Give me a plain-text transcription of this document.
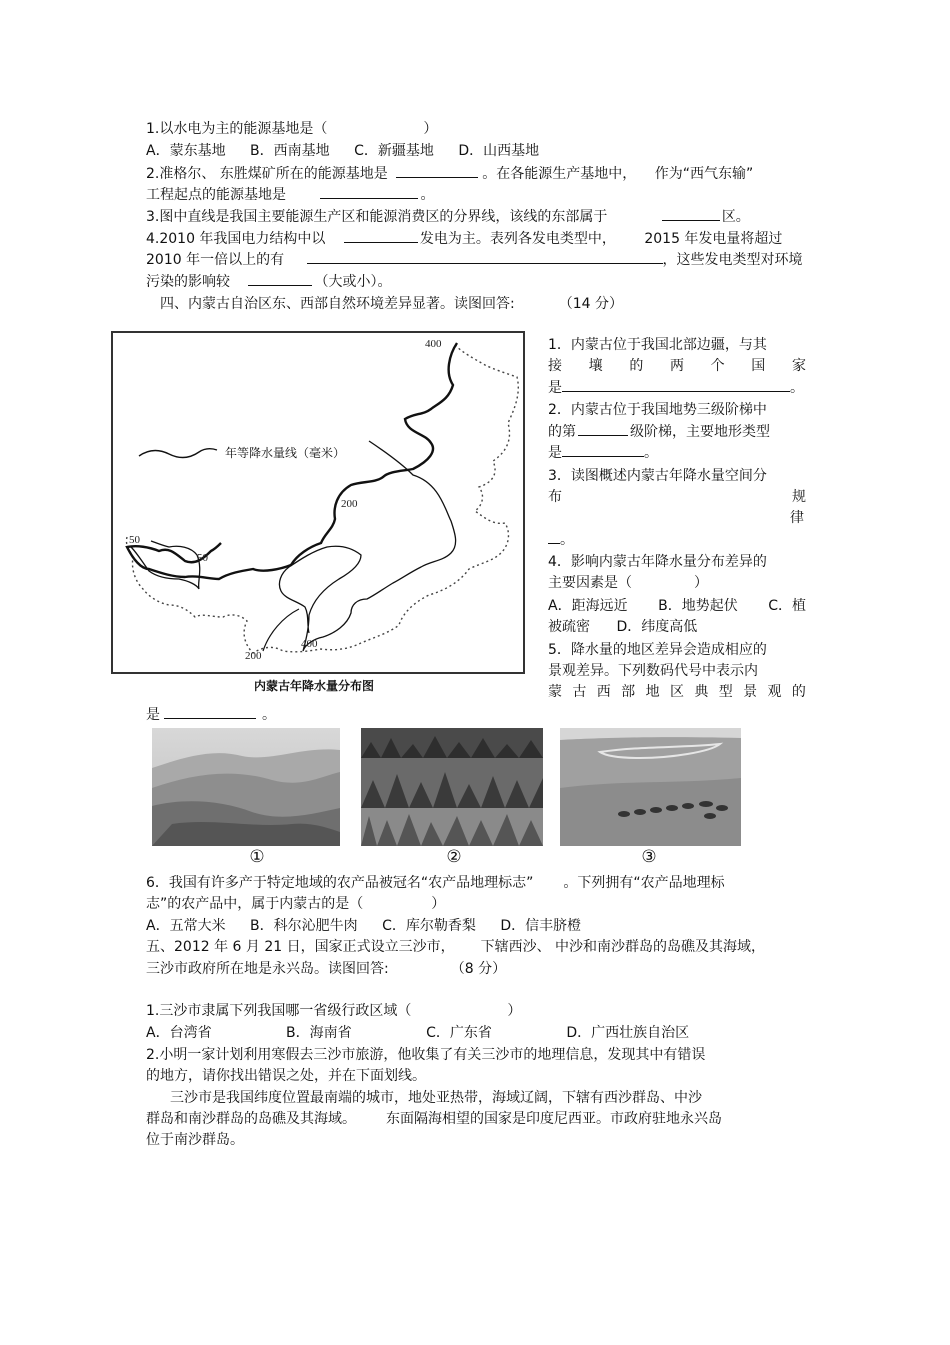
1.以水电为主的能源基地是（	）
A．蒙东基地 B．西南基地 C．新疆基地 D．山西基地
2.准格尔、 东胜煤矿所在的能源基地是	。在各能源生产基地中， 作为“西气东输”
工程起点的能源基地是	。
3.图中直线是我国主要能源生产区和能源消费区的分界线，该线的东部属于	区。
4.2010 年我国电力结构中以	发电为主。表列各发电类型中， 2015 年发电量将超过
2010 年一倍以上的有	，这些发电类型对环境
污染的影响较	（大或小）。
四、内蒙古自治区东、西部自然环境差异显著。读图回答:	（14 分）
400
200
50
50
200
400
年等降水量线（毫米）
内蒙古年降水量分布图
1．内蒙古位于我国北部边疆，与其
接 壤 的 两 个 国 家
是	。
2．内蒙古位于我国地势三级阶梯中
的第	级阶梯，主要地形类型
是	。
3．读图概述内蒙古年降水量空间分
布	规
律
。
4．影响内蒙古年降水量分布差异的
主要因素是（	）
A．距海远近 B．地势起伏 C．植
被疏密 D．纬度高低
5．降水量的地区差异会造成相应的
景观差异。下列数码代号中表示内
蒙 古 西 部 地 区 典 型 景 观 的
是	。
①	②	③
6．我国有许多产于特定地域的农产品被冠名“农产品地理标志” 。下列拥有“农产品地理标
志”的农产品中，属于内蒙古的是（	）
A．五常大米 B．科尔沁肥牛肉 C．库尔勒香梨 D．信丰脐橙
五、2012 年 6 月 21 日，国家正式设立三沙市， 下辖西沙、 中沙和南沙群岛的岛礁及其海域，
三沙市政府所在地是永兴岛。读图回答:	（8 分）
1.三沙市隶属下列我国哪一省级行政区域（	）
A．台湾省	B．海南省	C．广东省	D．广西壮族自治区
2.小明一家计划利用寒假去三沙市旅游，他收集了有关三沙市的地理信息，发现其中有错误
的地方，请你找出错误之处，并在下面划线。
三沙市是我国纬度位置最南端的城市，地处亚热带，海域辽阔，下辖有西沙群岛、中沙
群岛和南沙群岛的岛礁及其海域。 东面隔海相望的国家是印度尼西亚。市政府驻地永兴岛
位于南沙群岛。
